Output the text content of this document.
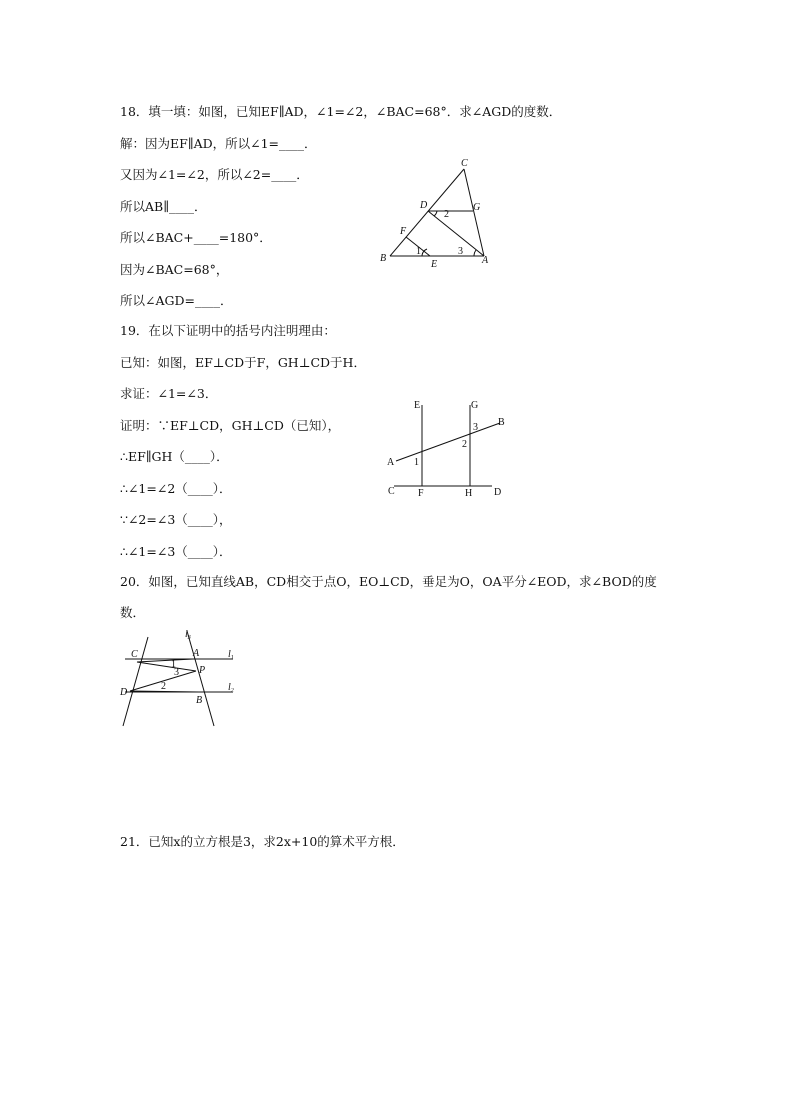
18．填一填：如图，已知EF∥AD，∠1=∠2，∠BAC=68°．求∠AGD的度数．
解：因为EF∥AD，所以∠1=____．
又因为∠1=∠2，所以∠2=____．
所以AB∥____．
所以∠BAC+____=180°．
因为∠BAC=68°，
所以∠AGD=____．
C
D	G
F
B
E	A
1
2
3
19．在以下证明中的括号内注明理由：
已知：如图，EF⊥CD于F，GH⊥CD于H．
求证：∠1=∠3．
证明：∵EF⊥CD，GH⊥CD（已知），
∴EF∥GH（____）．
∴∠1=∠2（____）．
∵∠2=∠3（____），
∴∠1=∠3（____）．
E	G
B
A
C F	H D
1
2
3
20．如图，已知直线AB，CD相交于点O，EO⊥CD，垂足为O，OA平分∠EOD，求∠BOD的度
数．
$l_3$
$l_1$
$l_2$
C	A
P
D
B
1
2
3
21．已知x的立方根是3，求2x+10的算术平方根．
